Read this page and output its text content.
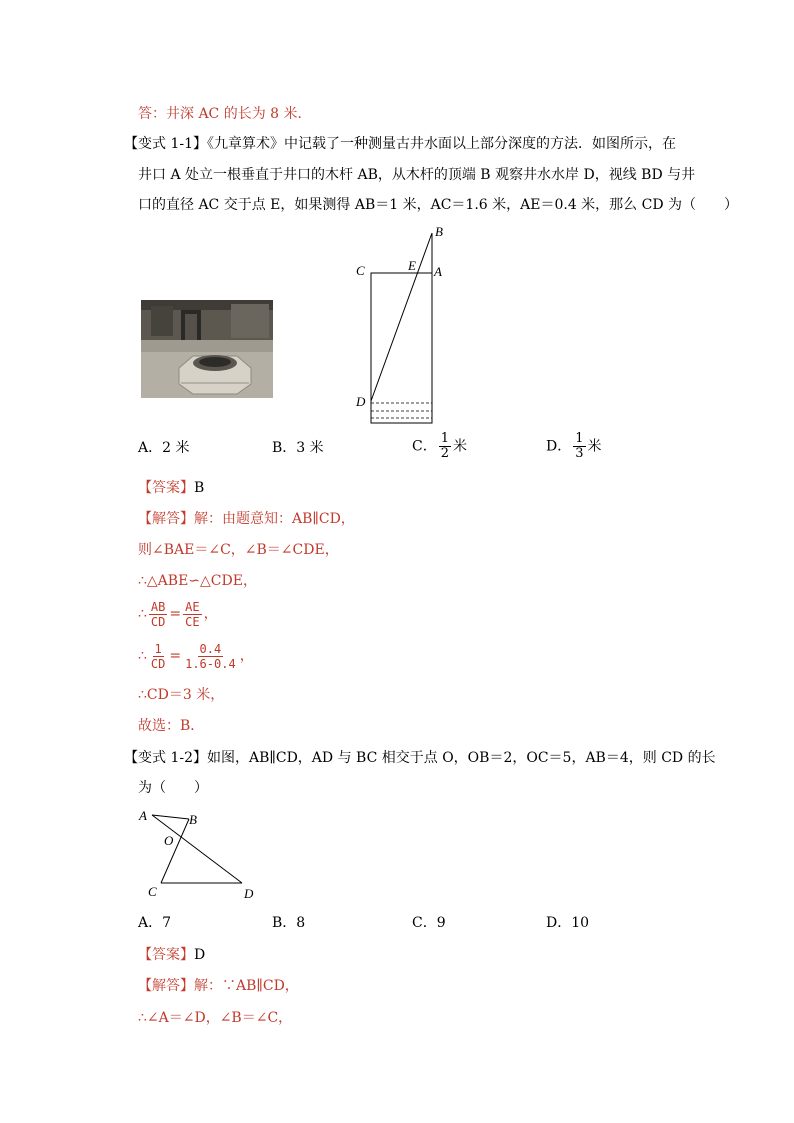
答：井深 AC 的长为 8 米．
【变式 1-1】《九章算术》中记载了一种测量古井水面以上部分深度的方法．如图所示，在
井口 A 处立一根垂直于井口的木杆 AB，从木杆的顶端 B 观察井水水岸 D，视线 BD 与井
口的直径 AC 交于点 E，如果测得 AB＝1 米，AC＝1.6 米，AE＝0.4 米，那么 CD 为（　　）
B
C	E A
D
A．2 米	B．3 米	C． $\frac{1}{2}$ 米	D． $\frac{1}{3}$ 米
【答案】B
【解答】解：由题意知：AB∥CD，
则∠BAE＝∠C，∠B＝∠CDE，
∴△ABE∽△CDE，
∴ $\frac{AB}{CD} = \frac{AE}{CE}$ ，
∴ $\frac{1}{CD} = \frac{0.4}{1.6-0.4}$ ，
∴CD＝3 米，
故选：B．
【变式 1-2】如图，AB∥CD，AD 与 BC 相交于点 O，OB＝2，OC＝5，AB＝4，则 CD 的长
为（　　）
A	B
O
C	D
A．7	B．8	C．9	D．10
【答案】D
【解答】解：∵AB∥CD，
∴∠A＝∠D，∠B＝∠C，
